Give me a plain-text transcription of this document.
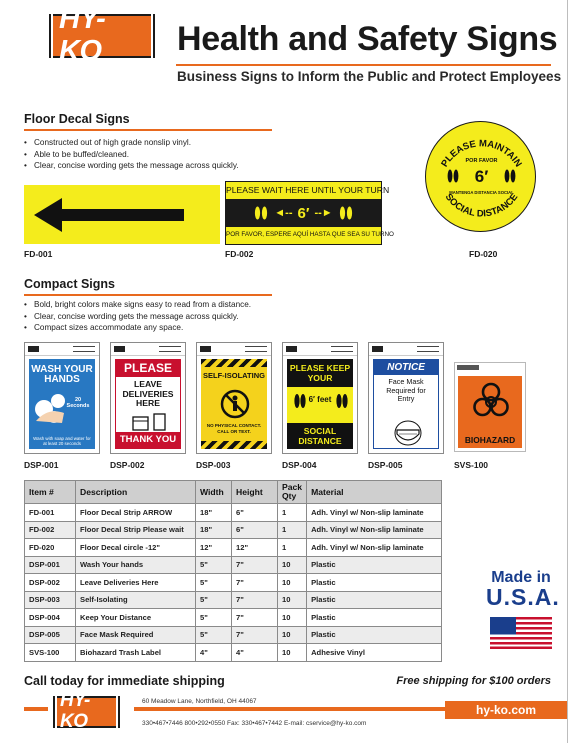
HY-KO	Health and Safety Signs
Business Signs to Inform the Public and Protect Employees
Floor Decal Signs
• Constructed out of high grade nonslip vinyl.
• Able to be buffed/cleaned.
• Clear, concise wording gets the message across quickly.
FD-001
PLEASE WAIT HERE UNTIL YOUR TURN
◄-- 6′ --►
POR FAVOR, ESPERE AQUÍ HASTA QUE SEA SU TURNO
FD-002
PLEASE MAINTAIN
SOCIAL DISTANCE
POR FAVOR
6′
MANTENGA DISTANCIA SOCIAL
FD-020
Compact Signs
• Bold, bright colors make signs easy to read from a distance.
• Clear, concise wording gets the message across quickly.
• Compact sizes accommodate any space.
WASH YOUR HANDS
20 Seconds
Wash with soap and water for at least 20 seconds
DSP-001
PLEASE
LEAVE DELIVERIES HERE
THANK YOU
DSP-002
SELF-ISOLATING
NO PHYSICAL CONTACT. CALL OR TEXT.
DSP-003
PLEASE KEEP YOUR
6′ feet
SOCIAL DISTANCE
DSP-004
NOTICE
Face Mask Required for Entry
DSP-005
BIOHAZARD
SVS-100
Item #	Description	Width	Height	Pack Qty	Material
FD-001	Floor Decal Strip ARROW	18"	6"	1	Adh. Vinyl w/ Non-slip laminate
FD-002	Floor Decal Strip Please wait	18"	6"	1	Adh. Vinyl w/ Non-slip laminate
FD-020	Floor Decal circle -12"	12"	12"	1	Adh. Vinyl w/ Non-slip laminate
DSP-001	Wash Your hands	5"	7"	10	Plastic
DSP-002	Leave Deliveries Here	5"	7"	10	Plastic
DSP-003	Self-Isolating	5"	7"	10	Plastic
DSP-004	Keep Your Distance	5"	7"	10	Plastic
DSP-005	Face Mask Required	5"	7"	10	Plastic
SVS-100	Biohazard Trash Label	4"	4"	10	Adhesive Vinyl
Made in
U.S.A.
Call today for immediate shipping	Free shipping for $100 orders
HY-KO
60 Meadow Lane, Northfield, OH 44067
330•467•7446 800•292•0550 Fax: 330•467•7442 E-mail: cservice@hy-ko.com
hy-ko.com
